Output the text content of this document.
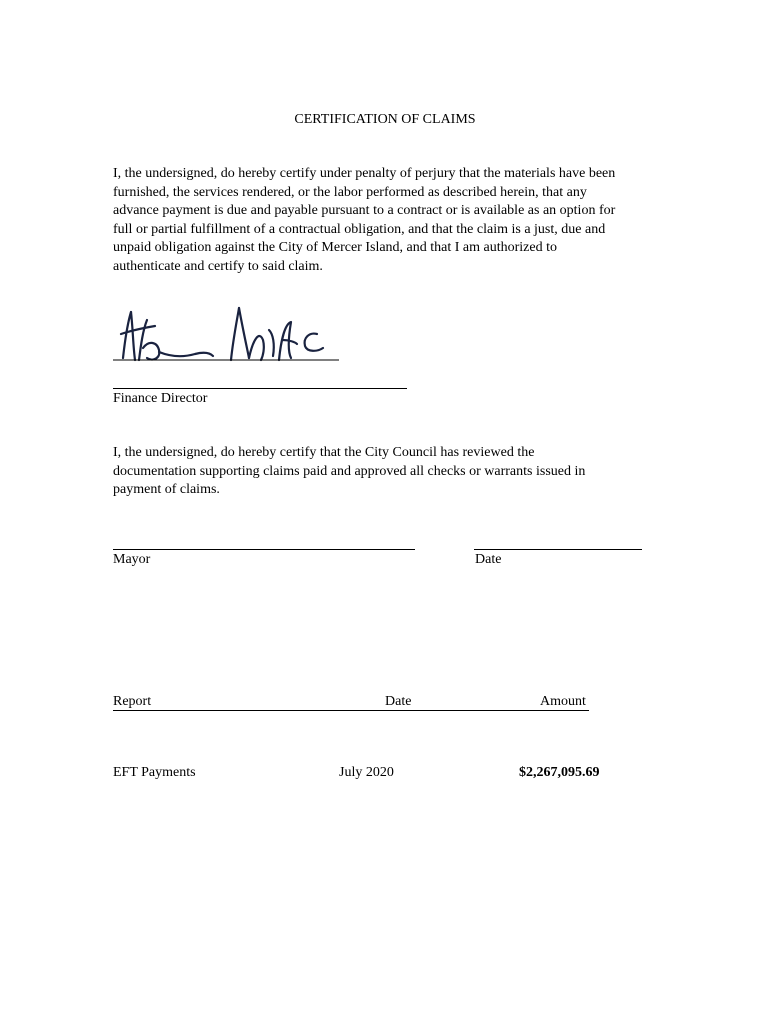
CERTIFICATION OF CLAIMS
I, the undersigned, do hereby certify under penalty of perjury that the materials have been
furnished, the services rendered, or the labor performed as described herein, that any
advance payment is due and payable pursuant to a contract or is available as an option for
full or partial fulfillment of a contractual obligation, and that the claim is a just, due and
unpaid obligation against the City of Mercer Island, and that I am authorized to
authenticate and certify to said claim.
Finance Director
I, the undersigned, do hereby certify that the City Council has reviewed the
documentation supporting claims paid and approved all checks or warrants issued in
payment of claims.
Mayor	Date
Report	Date	Amount
EFT Payments	July 2020	$2,267,095.69
